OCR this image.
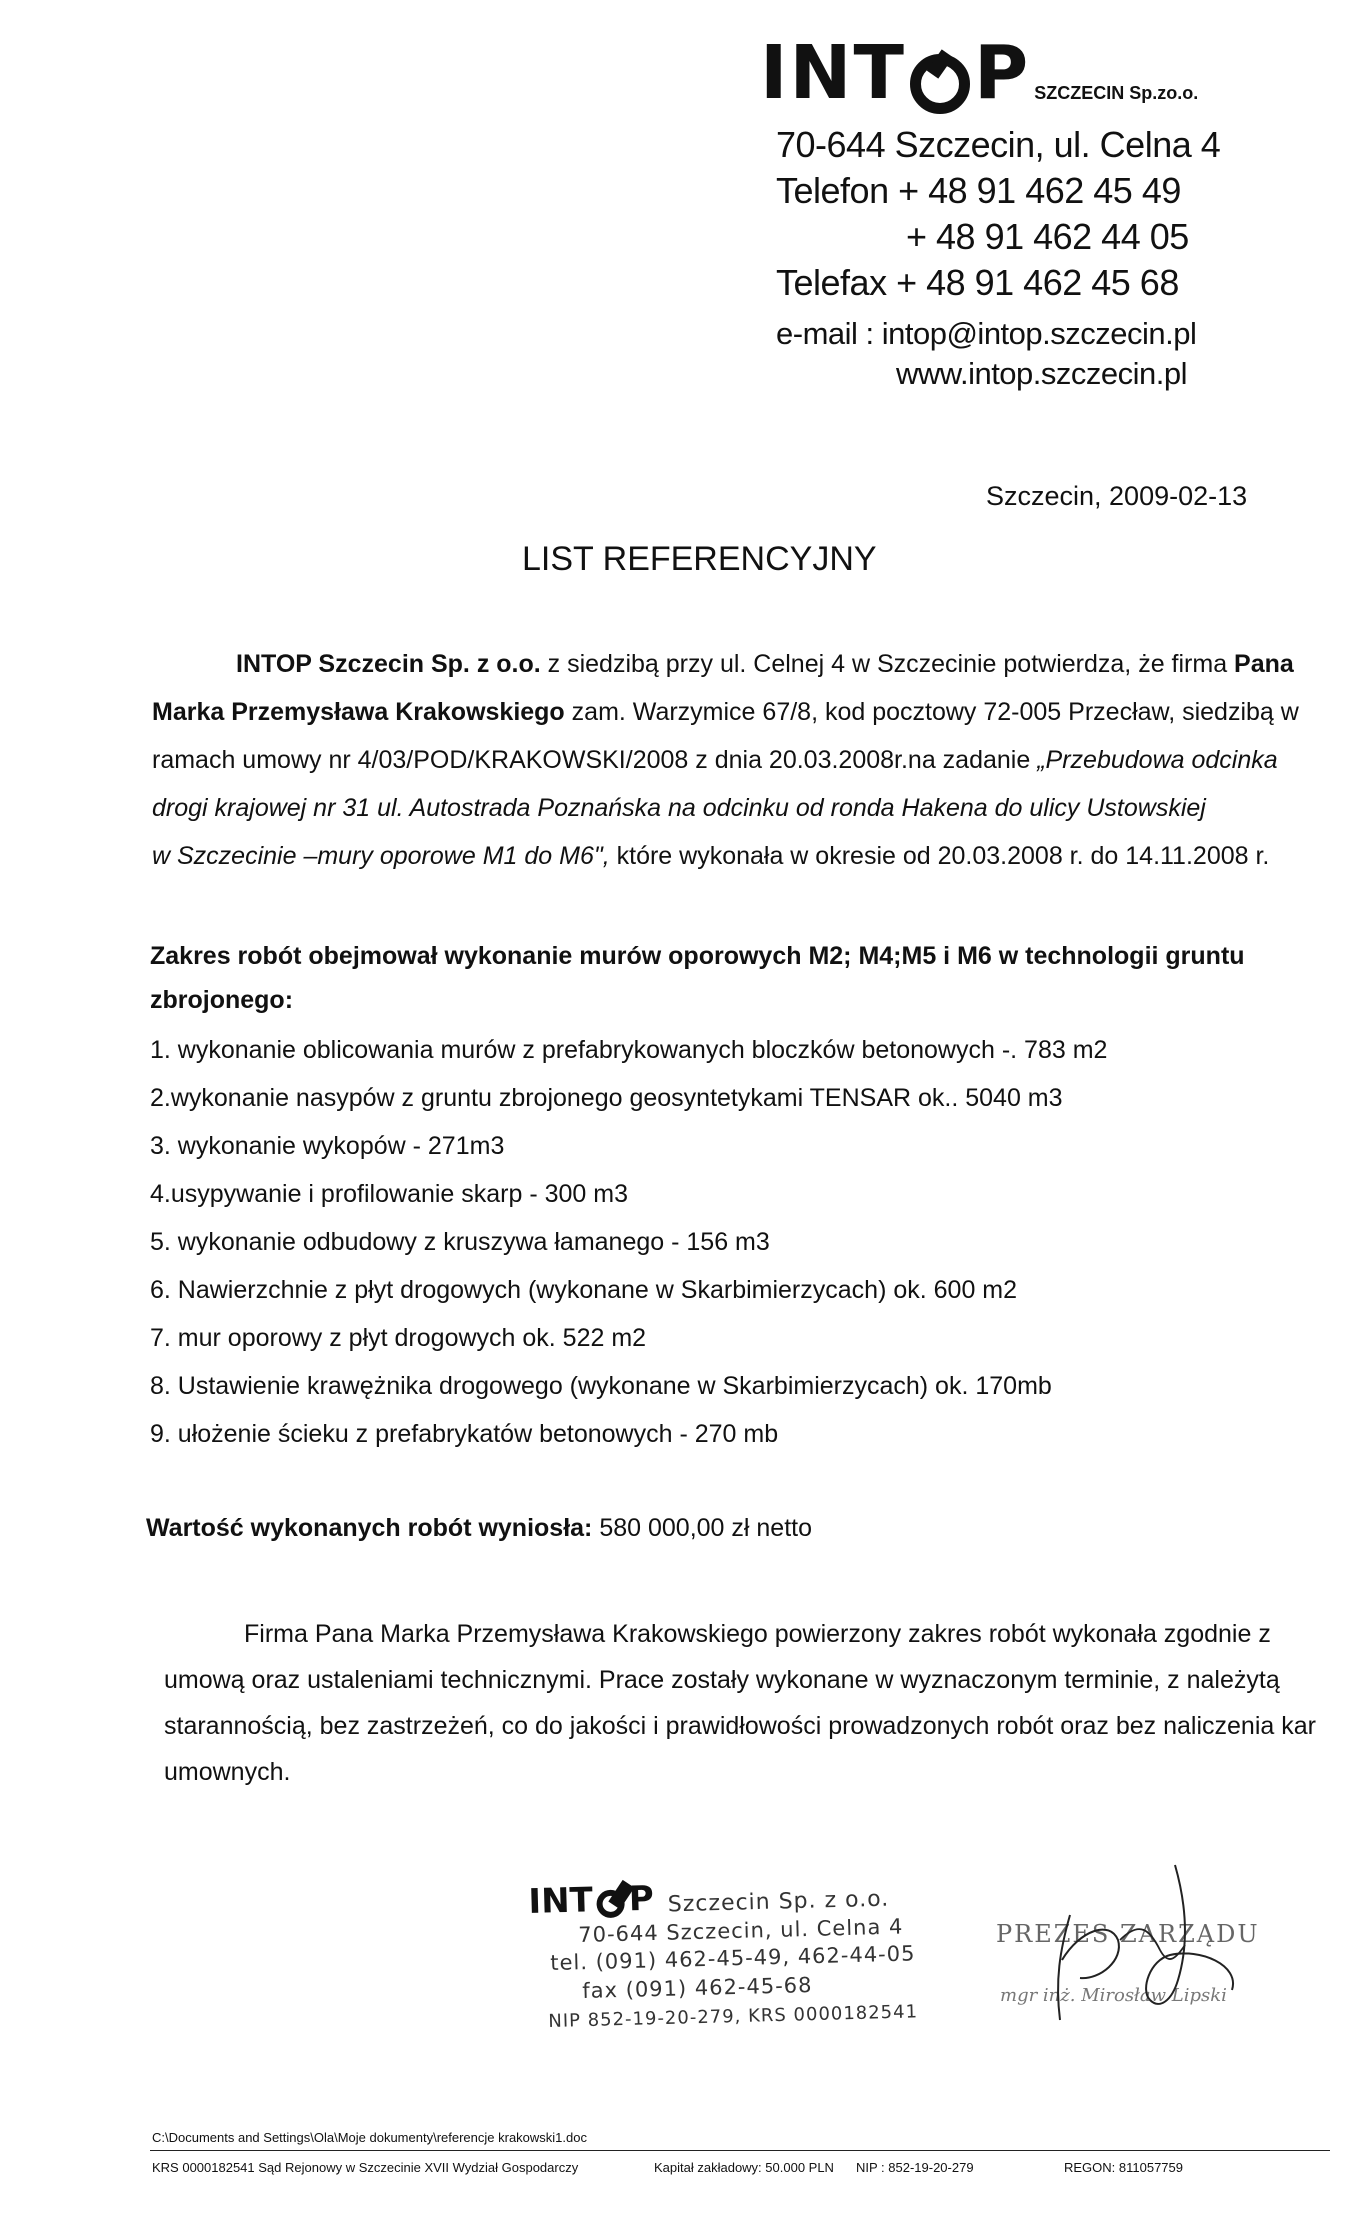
INT P SZCZECIN Sp.zo.o.
70-644 Szczecin, ul. Celna 4
Telefon + 48 91 462 45 49
+ 48 91 462 44 05
Telefax + 48 91 462 45 68
e-mail : intop@intop.szczecin.pl
www.intop.szczecin.pl
Szczecin, 2009-02-13
LIST REFERENCYJNY
INTOP Szczecin Sp. z o.o. z siedzibą przy ul. Celnej 4 w Szczecinie potwierdza, że firma Pana
Marka Przemysława Krakowskiego zam. Warzymice 67/8, kod pocztowy 72-005 Przecław, siedzibą w
ramach umowy nr 4/03/POD/KRAKOWSKI/2008 z dnia 20.03.2008r.na zadanie „Przebudowa odcinka
drogi krajowej nr 31 ul. Autostrada Poznańska na odcinku od ronda Hakena do ulicy Ustowskiej
w Szczecinie –mury oporowe M1 do M6", które wykonała w okresie od 20.03.2008 r. do 14.11.2008 r.
Zakres robót obejmował wykonanie murów oporowych M2; M4;M5 i M6 w technologii gruntu
zbrojonego:
1. wykonanie oblicowania murów z prefabrykowanych bloczków betonowych -. 783 m2
2.wykonanie nasypów z gruntu zbrojonego geosyntetykami TENSAR ok.. 5040 m3
3. wykonanie wykopów - 271m3
4.usypywanie i profilowanie skarp - 300 m3
5. wykonanie odbudowy z kruszywa łamanego - 156 m3
6. Nawierzchnie z płyt drogowych (wykonane w Skarbimierzycach) ok. 600 m2
7. mur oporowy z płyt drogowych ok. 522 m2
8. Ustawienie krawężnika drogowego (wykonane w Skarbimierzycach) ok. 170mb
9. ułożenie ścieku z prefabrykatów betonowych - 270 mb
Wartość wykonanych robót wyniosła: 580 000,00 zł netto
Firma Pana Marka Przemysława Krakowskiego powierzony zakres robót wykonała zgodnie z
umową oraz ustaleniami technicznymi. Prace zostały wykonane w wyznaczonym terminie, z należytą
starannością, bez zastrzeżeń, co do jakości i prawidłowości prowadzonych robót oraz bez naliczenia kar
umownych.
INT P Szczecin Sp. z o.o.
70-644 Szczecin, ul. Celna 4
tel. (091) 462-45-49, 462-44-05
fax (091) 462-45-68
NIP 852-19-20-279, KRS 0000182541
PREZES ZARZĄDU
mgr inż. Mirosław Lipski
C:\Documents and Settings\Ola\Moje dokumenty\referencje krakowski1.doc
KRS 0000182541 Sąd Rejonowy w Szczecinie XVII Wydział Gospodarczy	Kapitał zakładowy: 50.000 PLN NIP : 852-19-20-279	REGON: 811057759
